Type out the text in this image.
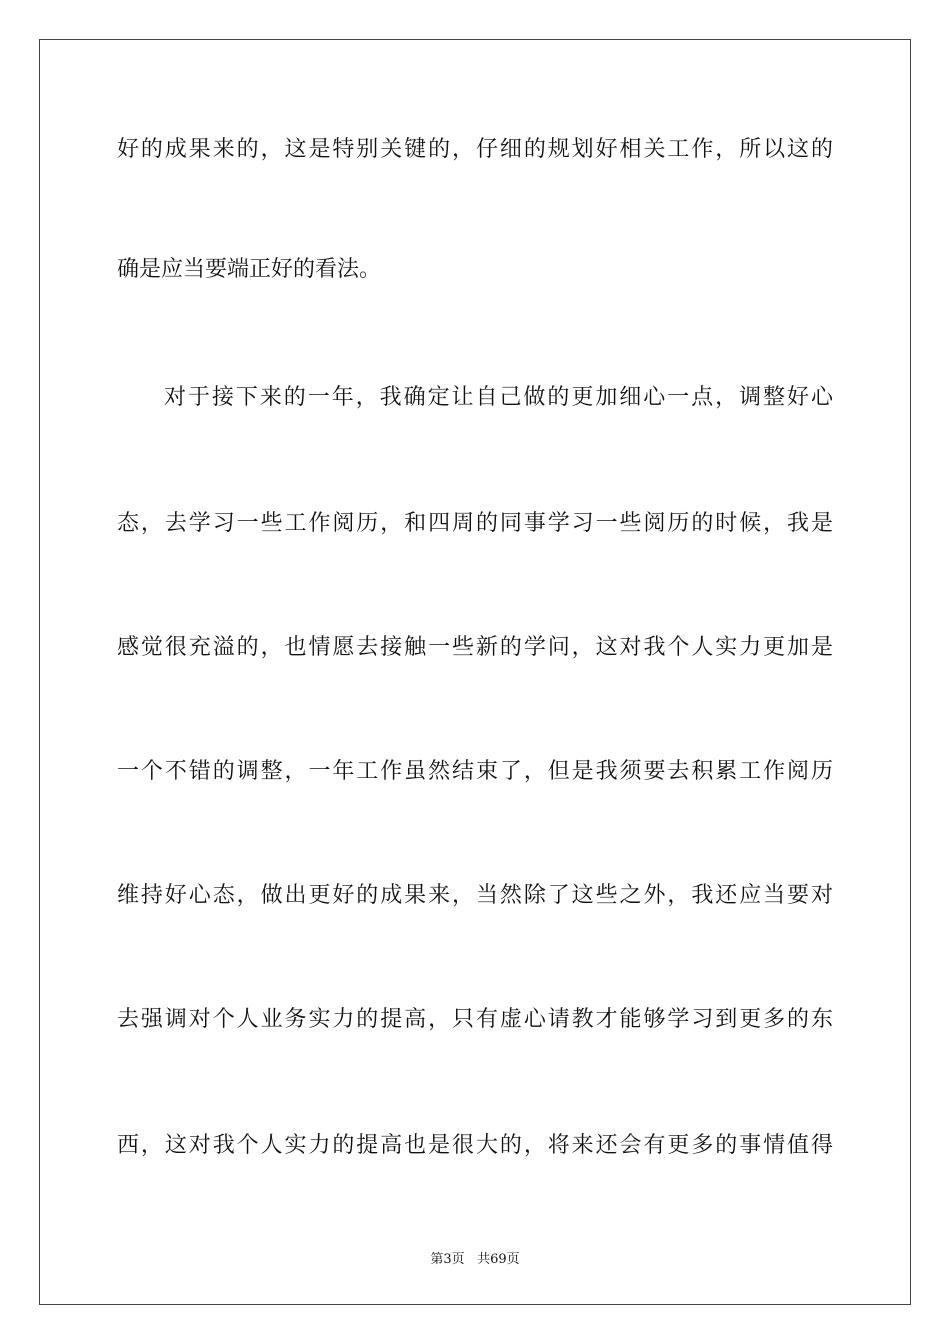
好的成果来的，这是特别关键的，仔细的规划好相关工作，所以这的
确是应当要端正好的看法。
对于接下来的一年，我确定让自己做的更加细心一点，调整好心
态，去学习一些工作阅历，和四周的同事学习一些阅历的时候，我是
感觉很充溢的，也情愿去接触一些新的学问，这对我个人实力更加是
一个不错的调整，一年工作虽然结束了，但是我须要去积累工作阅历
维持好心态，做出更好的成果来，当然除了这些之外，我还应当要对
去强调对个人业务实力的提高，只有虚心请教才能够学习到更多的东
西，这对我个人实力的提高也是很大的，将来还会有更多的事情值得
第3页 共69页
